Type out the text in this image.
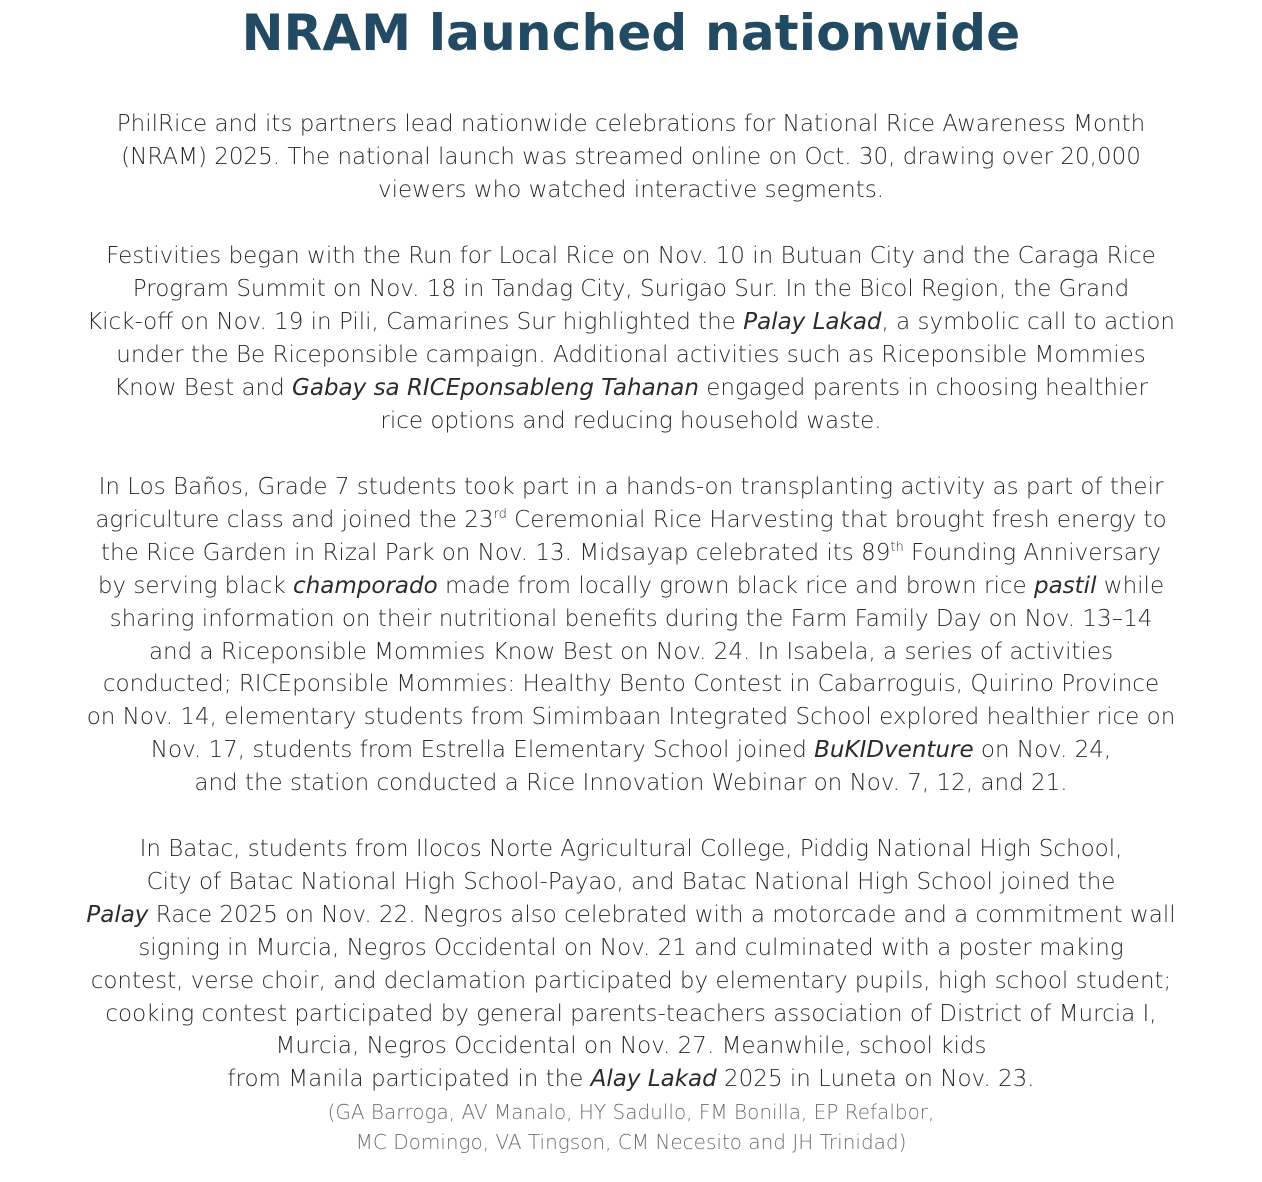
NRAM launched nationwide
PhilRice and its partners lead nationwide celebrations for National Rice Awareness Month
(NRAM) 2025. The national launch was streamed online on Oct. 30, drawing over 20,000
viewers who watched interactive segments.
Festivities began with the Run for Local Rice on Nov. 10 in Butuan City and the Caraga Rice
Program Summit on Nov. 18 in Tandag City, Surigao Sur. In the Bicol Region, the Grand
Kick-off on Nov. 19 in Pili, Camarines Sur highlighted the Palay Lakad, a symbolic call to action
under the Be Riceponsible campaign. Additional activities such as Riceponsible Mommies
Know Best and Gabay sa RICEponsableng Tahanan engaged parents in choosing healthier
rice options and reducing household waste.
In Los Baños, Grade 7 students took part in a hands-on transplanting activity as part of their
agriculture class and joined the 23rd Ceremonial Rice Harvesting that brought fresh energy to
the Rice Garden in Rizal Park on Nov. 13. Midsayap celebrated its 89th Founding Anniversary
by serving black champorado made from locally grown black rice and brown rice pastil while
sharing information on their nutritional benefits during the Farm Family Day on Nov. 13–14
and a Riceponsible Mommies Know Best on Nov. 24. In Isabela, a series of activities
conducted; RICEponsible Mommies: Healthy Bento Contest in Cabarroguis, Quirino Province
on Nov. 14, elementary students from Simimbaan Integrated School explored healthier rice on
Nov. 17, students from Estrella Elementary School joined BuKIDventure on Nov. 24,
and the station conducted a Rice Innovation Webinar on Nov. 7, 12, and 21.
In Batac, students from Ilocos Norte Agricultural College, Piddig National High School,
City of Batac National High School-Payao, and Batac National High School joined the
Palay Race 2025 on Nov. 22. Negros also celebrated with a motorcade and a commitment wall
signing in Murcia, Negros Occidental on Nov. 21 and culminated with a poster making
contest, verse choir, and declamation participated by elementary pupils, high school student;
cooking contest participated by general parents-teachers association of District of Murcia I,
Murcia, Negros Occidental on Nov. 27. Meanwhile, school kids
from Manila participated in the Alay Lakad 2025 in Luneta on Nov. 23.
(GA Barroga, AV Manalo, HY Sadullo, FM Bonilla, EP Refalbor,
MC Domingo, VA Tingson, CM Necesito and JH Trinidad)
